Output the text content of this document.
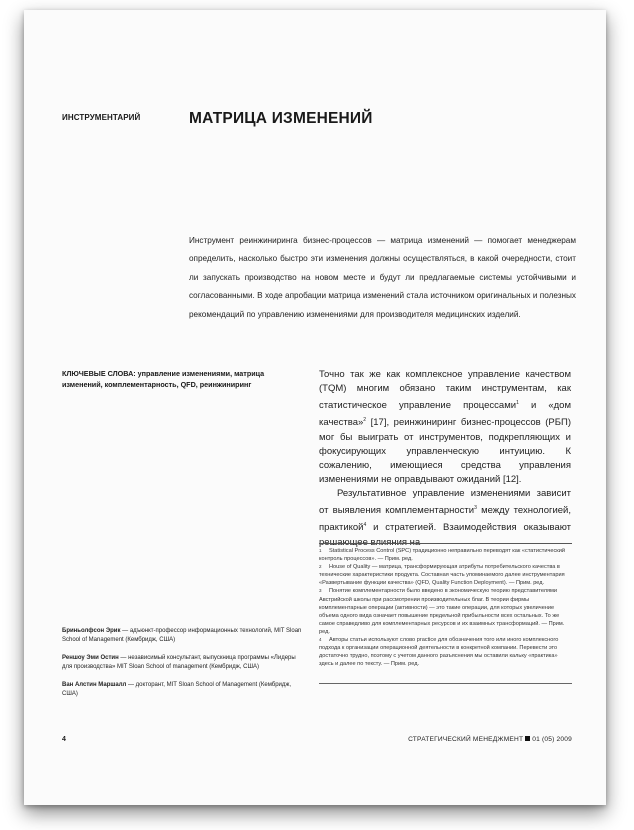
ИНСТРУМЕНТАРИЙ	МАТРИЦА ИЗМЕНЕНИЙ
Инструмент реинжиниринга бизнес-процессов — матрица изменений — помогает менеджерам определить, насколько быстро эти изменения должны осуществляться, в какой очередности, стоит ли запускать производство на новом месте и будут ли предлагаемые системы устойчивыми и согласованными. В ходе апробации матрица изменений стала источником оригинальных и полезных рекомендаций по управлению изменениями для производителя медицинских изделий.
КЛЮЧЕВЫЕ СЛОВА: управление изменениями, матрица изменений, комплементарность, QFD, реинжиниринг

Точно так же как комплексное управление качеством (TQM) многим обязано таким инструментам, как статистическое управление процессами$^1$ и «дом качества»$^2$ [17], реинжиниринг бизнес-процессов (РБП) мог бы выиграть от инструментов, подкрепляющих и фокусирующих управленческую интуицию. К сожалению, имеющиеся средства управления изменениями не оправдывают ожиданий [12].

Результативное управление изменениями зависит от выявления комплементарности$^3$ между технологией, практикой$^4$ и стратегией. Взаимодействия оказывают решающее влияния на

1 Statistical Process Control (SPC) традиционно неправильно переводят как «статистический контроль процессов». — Прим. ред.

2 House of Quality — матрица, трансформирующая атрибуты потребительского качества в технические характеристики продукта. Составная часть упоминаемого далее инструментария «Развертывание функции качества» (QFD, Quality Function Deployment). — Прим. ред.

3 Понятие комплементарности было введено в экономическую теорию представителями Австрийской школы при рассмотрении производительных благ. В теории фирмы комплементарные операции (активности) — это такие операции, для которых увеличение объема одного вида означает повышение предельной прибыльности всех остальных. То же самое справедливо для комплементарных ресурсов и их взаимных трансформаций. — Прим. ред.

4 Авторы статьи используют слово practice для обозначения того или иного комплексного подхода к организации операционной деятельности в конкретной компании. Перевести это достаточно трудно, поэтому с учетом данного разъяснения мы оставили кальку «практика» здесь и далее по тексту. — Прим. ред.

Бриньолфсон Эрик — адъюнкт-профессор информационных технологий, MIT Sloan School of Management (Кембридж, США)
Реншоу Эми Остин — независимый консультант, выпускница программы «Лидеры для производства» MIT Sloan School of management (Кембридж, США)
Ван Алстин Маршалл — докторант, MIT Sloan School of Management (Кембридж, США)
4	СТРАТЕГИЧЕСКИЙ МЕНЕДЖМЕНТ 01 (05) 2009
